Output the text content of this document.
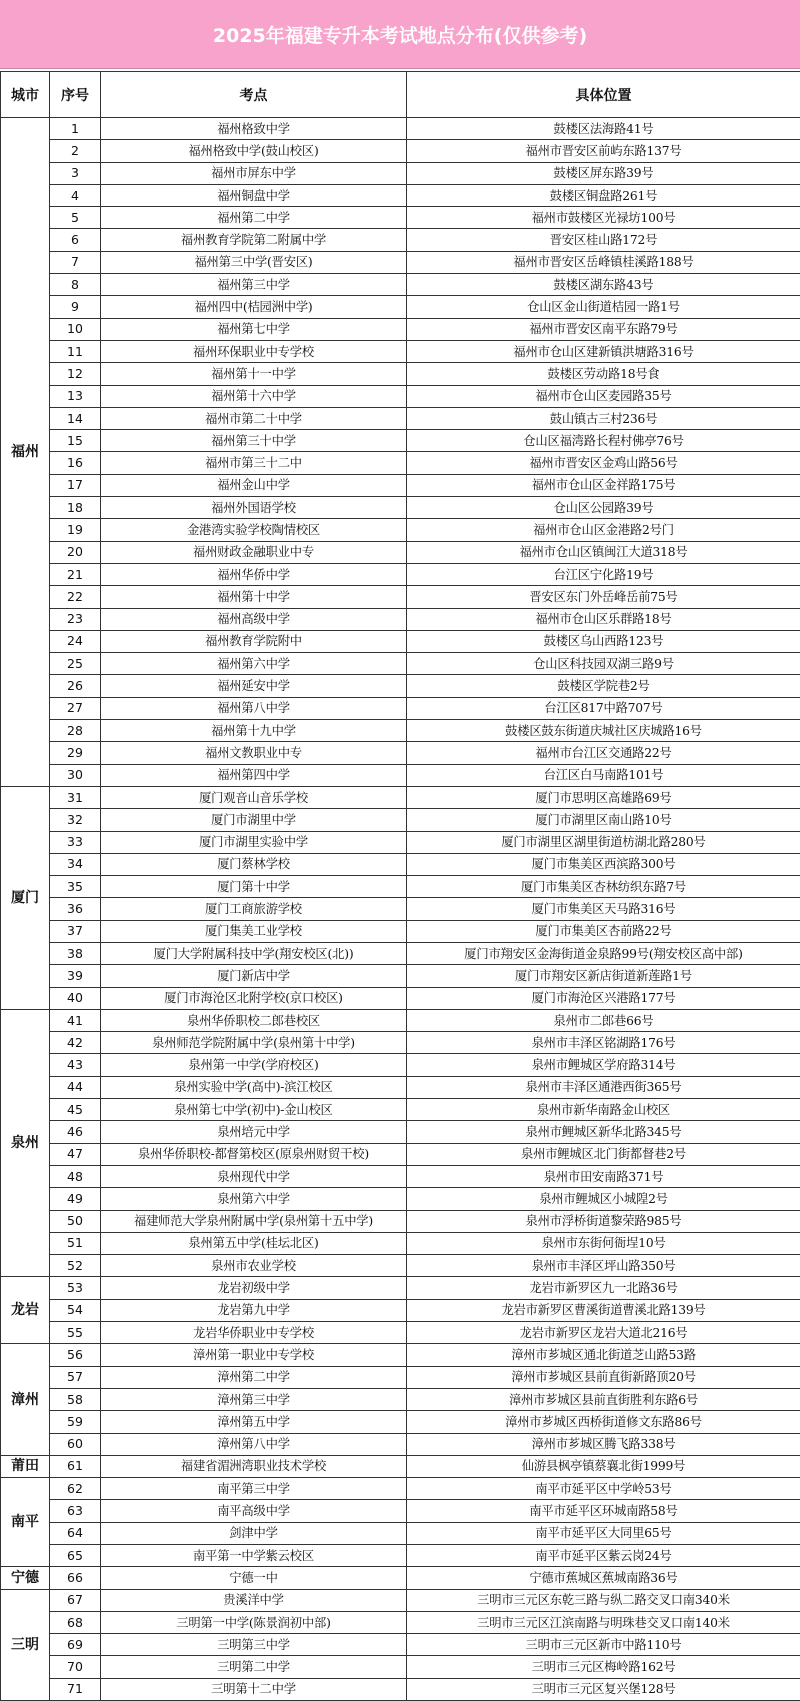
2025年福建专升本考试地点分布(仅供参考)
城市	序号	考点	具体位置
福州	1	福州格致中学	鼓楼区法海路41号
	2	福州格致中学(鼓山校区)	福州市晋安区前屿东路137号
	3	福州市屏东中学	鼓楼区屏东路39号
	4	福州铜盘中学	鼓楼区铜盘路261号
	5	福州第二中学	福州市鼓楼区光禄坊100号
	6	福州教育学院第二附属中学	晋安区桂山路172号
	7	福州第三中学(晋安区)	福州市晋安区岳峰镇桂溪路188号
	8	福州第三中学	鼓楼区湖东路43号
	9	福州四中(桔园洲中学)	仓山区金山街道桔园一路1号
	10	福州第七中学	福州市晋安区南平东路79号
	11	福州环保职业中专学校	福州市仓山区建新镇洪塘路316号
	12	福州第十一中学	鼓楼区劳动路18号食
	13	福州第十六中学	福州市仓山区麦园路35号
	14	福州市第二十中学	鼓山镇古三村236号
	15	福州第三十中学	仓山区福湾路长程村佛亭76号
	16	福州市第三十二中	福州市晋安区金鸡山路56号
	17	福州金山中学	福州市仓山区金祥路175号
	18	福州外国语学校	仓山区公园路39号
	19	金港湾实验学校陶情校区	福州市仓山区金港路2号门
	20	福州财政金融职业中专	福州市仓山区镇闽江大道318号
	21	福州华侨中学	台江区宁化路19号
	22	福州第十中学	晋安区东门外岳峰岳前75号
	23	福州高级中学	福州市仓山区乐群路18号
	24	福州教育学院附中	鼓楼区乌山西路123号
	25	福州第六中学	仓山区科技园双湖三路9号
	26	福州延安中学	鼓楼区学院巷2号
	27	福州第八中学	台江区817中路707号
	28	福州第十九中学	鼓楼区鼓东街道庆城社区庆城路16号
	29	福州文教职业中专	福州市台江区交通路22号
	30	福州第四中学	台江区白马南路101号
厦门	31	厦门观音山音乐学校	厦门市思明区高雄路69号
	32	厦门市湖里中学	厦门市湖里区南山路10号
	33	厦门市湖里实验中学	厦门市湖里区湖里街道枋湖北路280号
	34	厦门蔡林学校	厦门市集美区西滨路300号
	35	厦门第十中学	厦门市集美区杏林纺织东路7号
	36	厦门工商旅游学校	厦门市集美区天马路316号
	37	厦门集美工业学校	厦门市集美区杏前路22号
	38	厦门大学附属科技中学(翔安校区(北))	厦门市翔安区金海街道金泉路99号(翔安校区高中部)
	39	厦门新店中学	厦门市翔安区新店街道新莲路1号
	40	厦门市海沧区北附学校(京口校区)	厦门市海沧区兴港路177号
泉州	41	泉州华侨职校二郎巷校区	泉州市二郎巷66号
	42	泉州师范学院附属中学(泉州第十中学)	泉州市丰泽区铭湖路176号
	43	泉州第一中学(学府校区)	泉州市鲤城区学府路314号
	44	泉州实验中学(高中)-滨江校区	泉州市丰泽区通港西街365号
	45	泉州第七中学(初中)-金山校区	泉州市新华南路金山校区
	46	泉州培元中学	泉州市鲤城区新华北路345号
	47	泉州华侨职校-都督第校区(原泉州财贸干校)	泉州市鲤城区北门街都督巷2号
	48	泉州现代中学	泉州市田安南路371号
	49	泉州第六中学	泉州市鲤城区小城隍2号
	50	福建师范大学泉州附属中学(泉州第十五中学)	泉州市浮桥街道黎荣路985号
	51	泉州第五中学(桂坛北区)	泉州市东街何衙埕10号
	52	泉州市农业学校	泉州市丰泽区坪山路350号
龙岩	53	龙岩初级中学	龙岩市新罗区九一北路36号
	54	龙岩第九中学	龙岩市新罗区曹溪街道曹溪北路139号
	55	龙岩华侨职业中专学校	龙岩市新罗区龙岩大道北216号
漳州	56	漳州第一职业中专学校	漳州市芗城区通北街道芝山路53路
	57	漳州第二中学	漳州市芗城区县前直街新路顶20号
	58	漳州第三中学	漳州市芗城区县前直街胜利东路6号
	59	漳州第五中学	漳州市芗城区西桥街道修文东路86号
	60	漳州第八中学	漳州市芗城区腾飞路338号
莆田	61	福建省湄洲湾职业技术学校	仙游县枫亭镇蔡襄北街1999号
南平	62	南平第三中学	南平市延平区中学岭53号
	63	南平高级中学	南平市延平区环城南路58号
	64	剑津中学	南平市延平区大同里65号
	65	南平第一中学紫云校区	南平市延平区紫云岗24号
宁德	66	宁德一中	宁德市蕉城区蕉城南路36号
三明	67	贵溪洋中学	三明市三元区东乾三路与纵二路交叉口南340米
	68	三明第一中学(陈景润初中部)	三明市三元区江滨南路与明珠巷交叉口南140米
	69	三明第三中学	三明市三元区新市中路110号
	70	三明第二中学	三明市三元区梅岭路162号
	71	三明第十二中学	三明市三元区复兴堡128号
